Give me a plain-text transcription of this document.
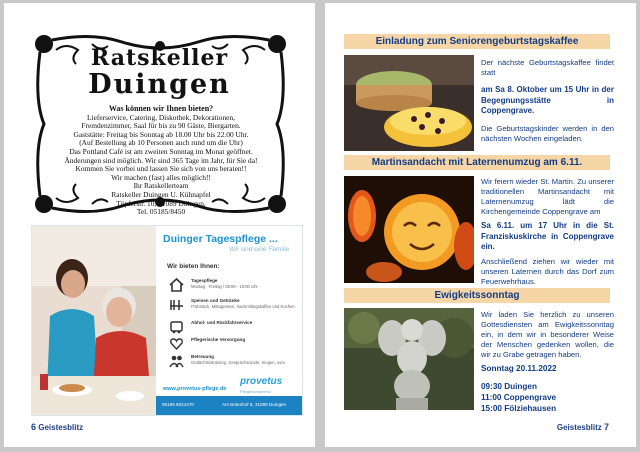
Ratskeller
Duingen
Was können wir Ihnen bieten?
Lieferservice, Catering, Diskothek, Dekorationen,
Fremdenzimmer, Saal für bis zu 90 Gäste, Biergarten.
Gaststätte: Freitag bis Sonntag ab 18.00 Uhr bis 22.00 Uhr.
(Auf Bestellung ab 10 Personen auch rund um die Uhr)
Das Pottland Café ist am zweiten Sonntag im Monat geöffnet.
Änderungen sind möglich. Wir sind 365 Tage im Jahr, für Sie da!
Kommen Sie vorbei und lassen Sie sich von uns beraten!!
Wir machen (fast) alles möglich!!
Ihr Ratskellerteam
Ratskeller Duingen U. Kühnapfel
Töpferstr. 10, 31089 Duingen,
Tel. 05185/8450
Duinger Tagespflege ...
Wir sind eine Familie
Wir bieten Ihnen:
Tagespflege
Montag - Freitag / 08:00 - 16:00 Uhr
Speisen und Getränke
Frühstück, Mittagessen, Nachmittagskaffee und Kuchen
Abhol- und Rückfahrservice
Pflegerische Versorgung
Betreuung
Gedächtnistraining, Gesprächsrunde, Singen, uvm.
www.provetus-pflege.de
provetus
Pflegekompetenz
05185 6021470	Am Botenhof 8, 31089 Duingen
6 Geistesblitz
Einladung zum Seniorengeburtstagskaffee

Der nächste Geburtstagskaffee findet statt

am Sa 8. Oktober um 15 Uhr in der Begegnungsstätte in Coppengrave.

Die Geburtstagskinder werden in den nächsten Wochen eingeladen.

Martinsandacht mit Laternenumzug am 6.11.

Wir feiern wieder St. Martin. Zu unserer traditionellen Martinsandacht mit Laternenumzug lädt die Kirchengemeinde Coppengrave am

Sa 6.11. um 17 Uhr in die St. Franziskuskirche in Coppengrave ein.

Anschließend ziehen wir wieder mit unseren Laternen durch das Dorf zum Feuerwehrhaus.

Ewigkeitssonntag

Wir laden Sie herzlich zu unseren Gottesdiensten am Ewigkeitssonntag ein, in dem wir in besonderer Weise der Menschen gedenken wollen, die wir zu Grabe getragen haben.

Sonntag 20.11.2022
09:30 Duingen
11:00 Coppengrave
15:00 Fölziehausen
Geistesblitz 7
